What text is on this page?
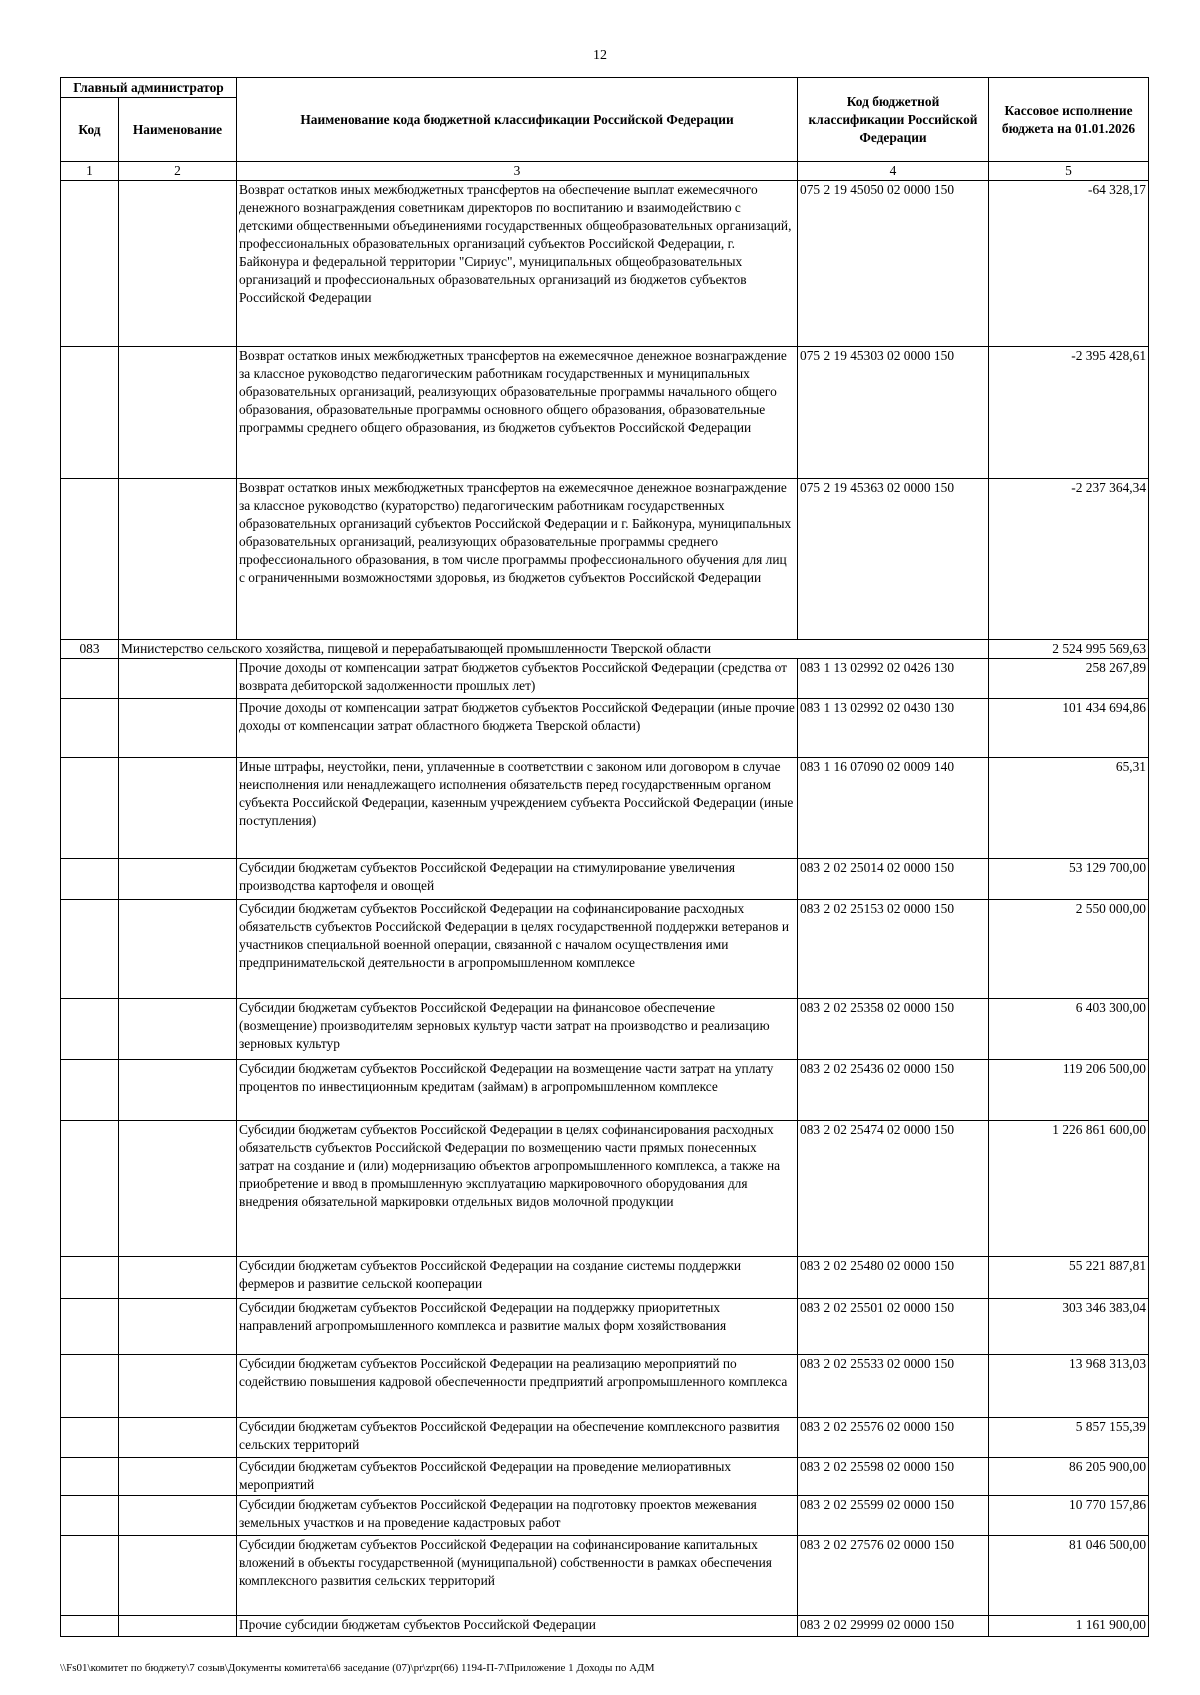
12
Главный администратор		Наименование кода бюджетной классификации Российской Федерации	Код бюджетной классификации Российской Федерации	Кассовое исполнение бюджета на 01.01.2026
Код	Наименование			
1	2	3	4	5
		Возврат остатков иных межбюджетных трансфертов на обеспечение выплат ежемесячного денежного вознаграждения советникам директоров по воспитанию и взаимодействию с детскими общественными объединениями государственных общеобразовательных организаций, профессиональных образовательных организаций субъектов Российской Федерации, г. Байконура и федеральной территории "Сириус", муниципальных общеобразовательных организаций и профессиональных образовательных организаций из бюджетов субъектов Российской Федерации	075 2 19 45050 02 0000 150	-64 328,17
		Возврат остатков иных межбюджетных трансфертов на ежемесячное денежное вознаграждение за классное руководство педагогическим работникам государственных и муниципальных образовательных организаций, реализующих образовательные программы начального общего образования, образовательные программы основного общего образования, образовательные программы среднего общего образования, из бюджетов субъектов Российской Федерации	075 2 19 45303 02 0000 150	-2 395 428,61
		Возврат остатков иных межбюджетных трансфертов на ежемесячное денежное вознаграждение за классное руководство (кураторство) педагогическим работникам государственных образовательных организаций субъектов Российской Федерации и г. Байконура, муниципальных образовательных организаций, реализующих образовательные программы среднего профессионального образования, в том числе программы профессионального обучения для лиц с ограниченными возможностями здоровья, из бюджетов субъектов Российской Федерации	075 2 19 45363 02 0000 150	-2 237 364,34
083	Министерство сельского хозяйства, пищевой и перерабатывающей промышленности Тверской области			2 524 995 569,63
		Прочие доходы от компенсации затрат бюджетов субъектов Российской Федерации (средства от возврата дебиторской задолженности прошлых лет)	083 1 13 02992 02 0426 130	258 267,89
		Прочие доходы от компенсации затрат бюджетов субъектов Российской Федерации (иные прочие доходы от компенсации затрат областного бюджета Тверской области)	083 1 13 02992 02 0430 130	101 434 694,86
		Иные штрафы, неустойки, пени, уплаченные в соответствии с законом или договором в случае неисполнения или ненадлежащего исполнения обязательств перед государственным органом субъекта Российской Федерации, казенным учреждением субъекта Российской Федерации (иные поступления)	083 1 16 07090 02 0009 140	65,31
		Субсидии бюджетам субъектов Российской Федерации на стимулирование увеличения производства картофеля и овощей	083 2 02 25014 02 0000 150	53 129 700,00
		Субсидии бюджетам субъектов Российской Федерации на софинансирование расходных обязательств субъектов Российской Федерации в целях государственной поддержки ветеранов и участников специальной военной операции, связанной с началом осуществления ими предпринимательской деятельности в агропромышленном комплексе	083 2 02 25153 02 0000 150	2 550 000,00
		Субсидии бюджетам субъектов Российской Федерации на финансовое обеспечение (возмещение) производителям зерновых культур части затрат на производство и реализацию зерновых культур	083 2 02 25358 02 0000 150	6 403 300,00
		Субсидии бюджетам субъектов Российской Федерации на возмещение части затрат на уплату процентов по инвестиционным кредитам (займам) в агропромышленном комплексе	083 2 02 25436 02 0000 150	119 206 500,00
		Субсидии бюджетам субъектов Российской Федерации в целях софинансирования расходных обязательств субъектов Российской Федерации по возмещению части прямых понесенных затрат на создание и (или) модернизацию объектов агропромышленного комплекса, а также на приобретение и ввод в промышленную эксплуатацию маркировочного оборудования для внедрения обязательной маркировки отдельных видов молочной продукции	083 2 02 25474 02 0000 150	1 226 861 600,00
		Субсидии бюджетам субъектов Российской Федерации на создание системы поддержки фермеров и развитие сельской кооперации	083 2 02 25480 02 0000 150	55 221 887,81
		Субсидии бюджетам субъектов Российской Федерации на поддержку приоритетных направлений агропромышленного комплекса и развитие малых форм хозяйствования	083 2 02 25501 02 0000 150	303 346 383,04
		Субсидии бюджетам субъектов Российской Федерации на реализацию мероприятий по содействию повышения кадровой обеспеченности предприятий агропромышленного комплекса	083 2 02 25533 02 0000 150	13 968 313,03
		Субсидии бюджетам субъектов Российской Федерации на обеспечение комплексного развития сельских территорий	083 2 02 25576 02 0000 150	5 857 155,39
		Субсидии бюджетам субъектов Российской Федерации на проведение мелиоративных мероприятий	083 2 02 25598 02 0000 150	86 205 900,00
		Субсидии бюджетам субъектов Российской Федерации на подготовку проектов межевания земельных участков и на проведение кадастровых работ	083 2 02 25599 02 0000 150	10 770 157,86
		Субсидии бюджетам субъектов Российской Федерации на софинансирование капитальных вложений в объекты государственной (муниципальной) собственности в рамках обеспечения комплексного развития сельских территорий	083 2 02 27576 02 0000 150	81 046 500,00
		Прочие субсидии бюджетам субъектов Российской Федерации	083 2 02 29999 02 0000 150	1 161 900,00
\\Fs01\комитет по бюджету\7 созыв\Документы комитета\66 заседание (07)\pr\zpr(66) 1194-П-7\Приложение 1 Доходы по АДМ
